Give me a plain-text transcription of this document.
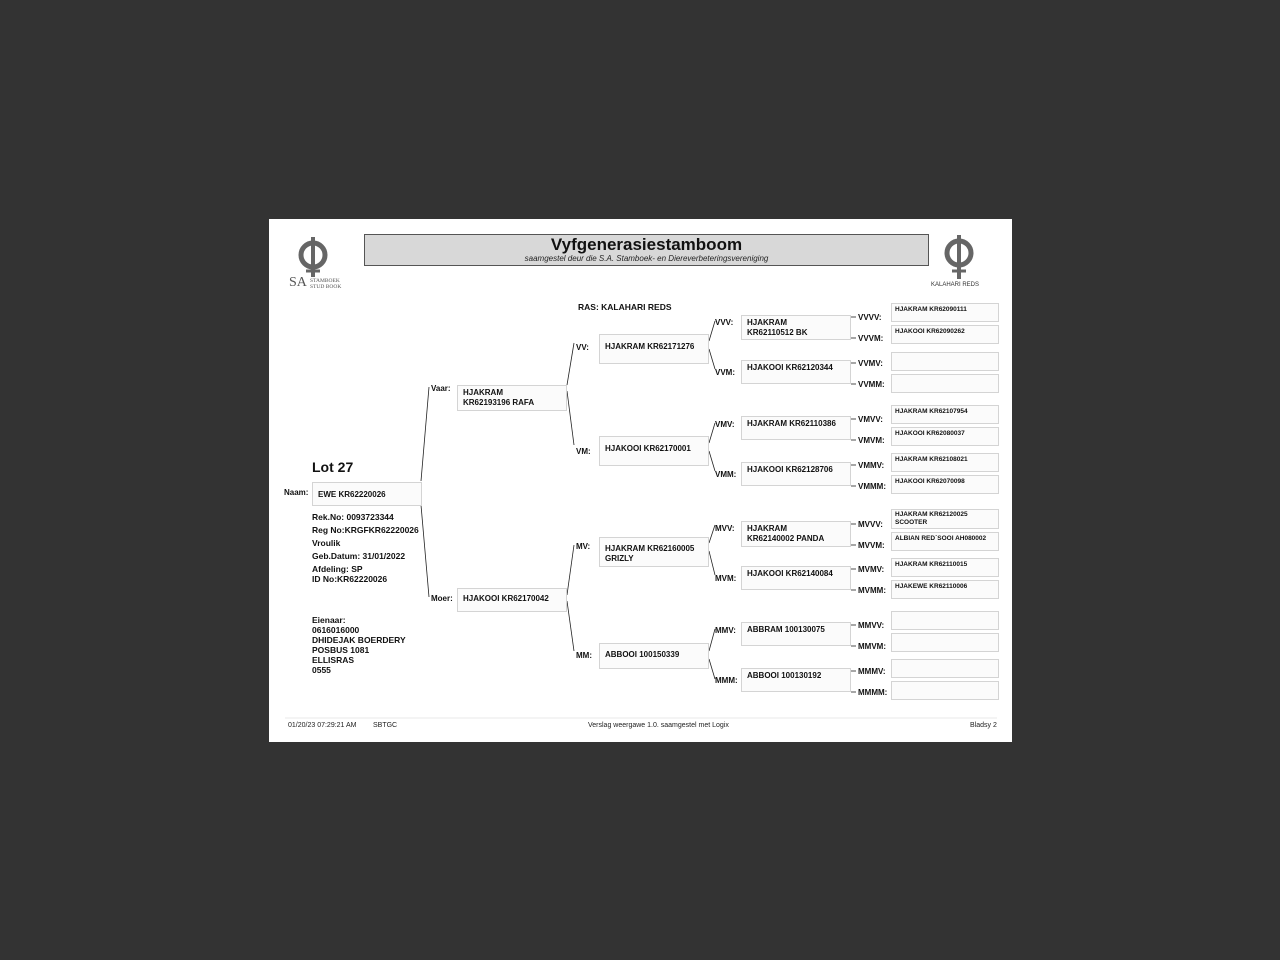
SA STAMBOEK
STUD BOOK
Vyfgenerasiestamboom
saamgestel deur die S.A. Stamboek- en Diereverbeteringsvereniging
KALAHARI REDS
RAS: KALAHARI REDS
Lot 27
Naam:	EWE KR62220026
Rek.No: 0093723344
Reg No:KRGFKR62220026
Vroulik
Geb.Datum: 31/01/2022
Afdeling: SP
ID No:KR62220026
Eienaar:
0616016000
DHIDEJAK BOERDERY
POSBUS 1081
ELLISRAS
0555
Vaar:	HJAKRAM
KR62193196 RAFA
Moer:	HJAKOOI KR62170042
VV:	HJAKRAM KR62171276
VM:	HJAKOOI KR62170001
MV:	HJAKRAM KR62160005
GRIZLY
MM:	ABBOOI 100150339
VVV:	HJAKRAM
KR62110512 BK
VVM:
HJAKOOI KR62120344
VMV:	HJAKRAM KR62110386
VMM:
HJAKOOI KR62128706
MVV:	HJAKRAM
KR62140002 PANDA
MVM:
HJAKOOI KR62140084
MMV:	ABBRAM 100130075
MMM:
ABBOOI 100130192
VVVV:
HJAKRAM KR62090111
VVVM:
HJAKOOI KR62090262
VVMV:
VVMM:
VMVV:
HJAKRAM KR62107954
VMVM:
HJAKOOI KR62080037
VMMV:
HJAKRAM KR62108021
VMMM:
HJAKOOI KR62070098
MVVV:
HJAKRAM KR62120025
SCOOTER
MVVM:
ALBIAN RED`SOOI AH080002
MVMV:
HJAKRAM KR62110015
MVMM:	HJAKEWE KR62110006
MMVV:
MMVM:
MMMV:
MMMM:
01/20/23 07:29:21 AM SBTGC	Verslag weergawe 1.0. saamgestel met Logix	Bladsy 2
